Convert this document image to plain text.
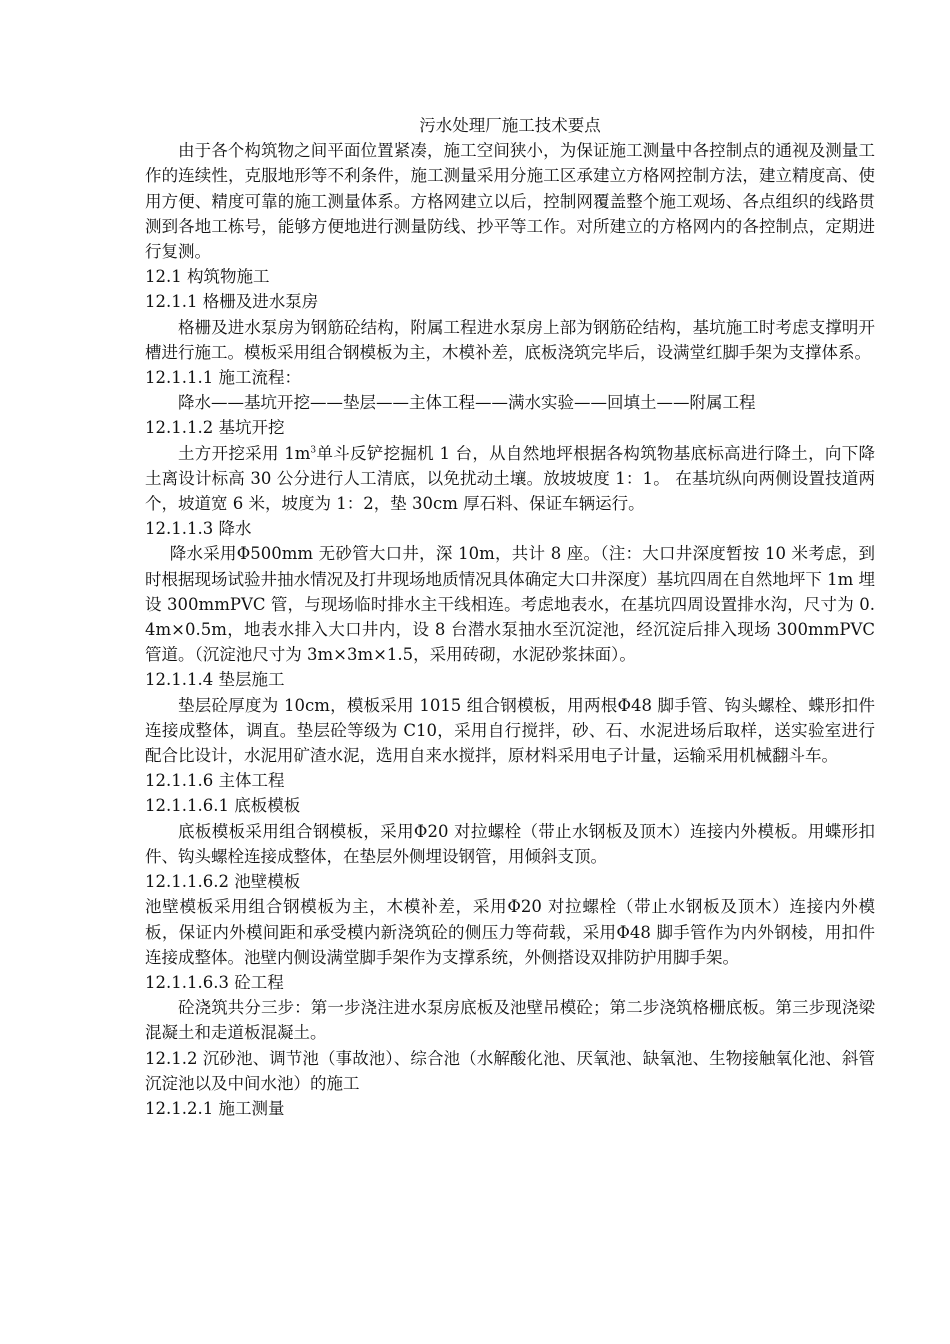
污水处理厂施工技术要点

由于各个构筑物之间平面位置紧凑，施工空间狭小，为保证施工测量中各控制点的通视及测量工作的连续性，克服地形等不利条件，施工测量采用分施工区承建立方格网控制方法，建立精度高、使用方便、精度可靠的施工测量体系。方格网建立以后，控制网覆盖整个施工观场、各点组织的线路贯测到各地工栋号，能够方便地进行测量防线、抄平等工作。对所建立的方格网内的各控制点，定期进行复测。

12.1 构筑物施工

12.1.1 格栅及进水泵房

格栅及进水泵房为钢筋砼结构，附属工程进水泵房上部为钢筋砼结构，基坑施工时考虑支撑明开槽进行施工。模板采用组合钢模板为主，木模补差，底板浇筑完毕后，设满堂红脚手架为支撑体系。

12.1.1.1 施工流程：

降水——基坑开挖——垫层——主体工程——满水实验——回填土——附属工程

12.1.1.2 基坑开挖

土方开挖采用 $1m^3$单斗反铲挖掘机 1 台，从自然地坪根据各构筑物基底标高进行降土，向下降土离设计标高 30 公分进行人工清底，以免扰动土壤。放坡坡度 1：1。 在基坑纵向两侧设置技道两个，坡道宽 6 米，坡度为 1：2，垫 30cm 厚石料、保证车辆运行。

12.1.1.3 降水

降水采用Φ500mm 无砂管大口井，深 10m，共计 8 座。（注：大口井深度暂按 10 米考虑，到时根据现场试验井抽水情况及打井现场地质情况具体确定大口井深度）基坑四周在自然地坪下 1m 埋设 300mmPVC 管，与现场临时排水主干线相连。考虑地表水，在基坑四周设置排水沟，尺寸为 0.4m×0.5m，地表水排入大口井内，设 8 台潜水泵抽水至沉淀池，经沉淀后排入现场 300mmPVC 管道。（沉淀池尺寸为 3m×3m×1.5，采用砖砌，水泥砂浆抹面）。

12.1.1.4 垫层施工

垫层砼厚度为 10cm，模板采用 1015 组合钢模板，用两根Φ48 脚手管、钩头螺栓、蝶形扣件连接成整体，调直。垫层砼等级为 C10，采用自行搅拌，砂、石、水泥进场后取样，送实验室进行配合比设计，水泥用矿渣水泥，选用自来水搅拌，原材料采用电子计量，运输采用机械翻斗车。

12.1.1.6 主体工程

12.1.1.6.1 底板模板

底板模板采用组合钢模板，采用Φ20 对拉螺栓（带止水钢板及顶木）连接内外模板。用蝶形扣件、钩头螺栓连接成整体，在垫层外侧埋设钢管，用倾斜支顶。

12.1.1.6.2 池壁模板

池壁模板采用组合钢模板为主，木模补差，采用Φ20 对拉螺栓（带止水钢板及顶木）连接内外模板，保证内外模间距和承受模内新浇筑砼的侧压力等荷载，采用Φ48 脚手管作为内外钢棱，用扣件连接成整体。池壁内侧设满堂脚手架作为支撑系统，外侧搭设双排防护用脚手架。

12.1.1.6.3 砼工程

砼浇筑共分三步：第一步浇注进水泵房底板及池壁吊模砼；第二步浇筑格栅底板。第三步现浇梁混凝土和走道板混凝土。

12.1.2 沉砂池、调节池（事故池）、综合池（水解酸化池、厌氧池、缺氧池、生物接触氧化池、斜管沉淀池以及中间水池）的施工

12.1.2.1 施工测量
